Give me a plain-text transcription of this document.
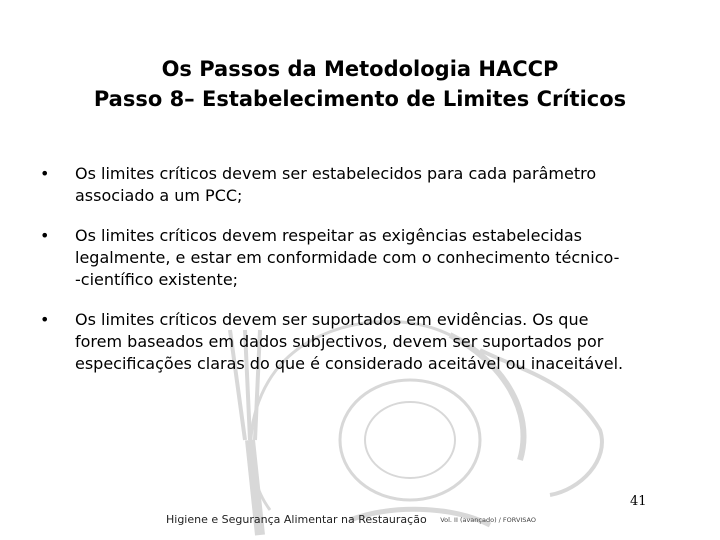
Os Passos da Metodologia HACCP
Passo 8– Estabelecimento de Limites Críticos
• Os limites críticos devem ser estabelecidos para cada parâmetro
associado a um PCC;
• Os limites críticos devem respeitar as exigências estabelecidas
legalmente, e estar em conformidade com o conhecimento técnico-
-científico existente;
• Os limites críticos devem ser suportados em evidências. Os que
forem baseados em dados subjectivos, devem ser suportados por
especificações claras do que é considerado aceitável ou inaceitável.
41
Higiene e Segurança Alimentar na Restauração Vol. II (avançado) / FORVISAO
